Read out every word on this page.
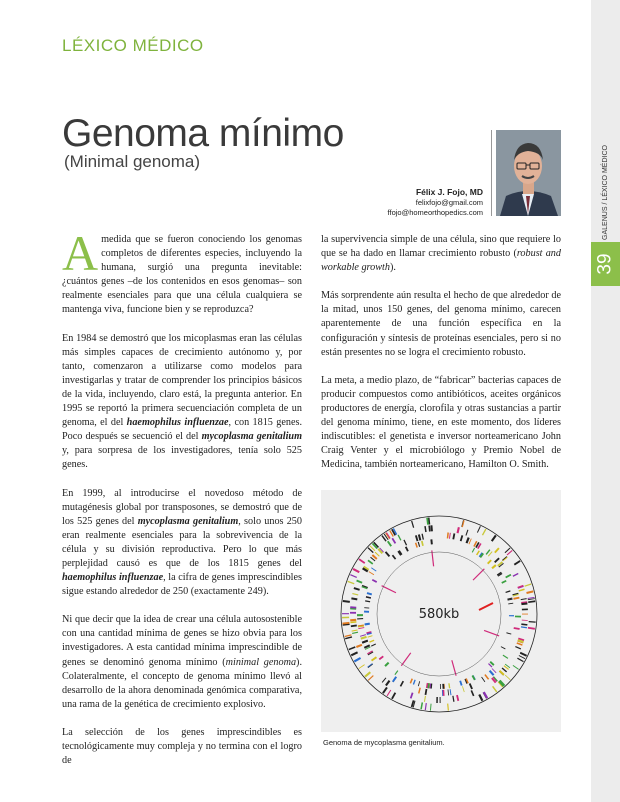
GALENUS / LÉXICO MÉDICO
39
LÉXICO MÉDICO
Genoma mínimo
(Minimal genoma)
Félix J. Fojo, MD
felixfojo@gmail.com
ffojo@homeorthopedics.com

Amedida que se fueron conociendo los genomas completos de diferentes especies, incluyendo la humana, surgió una pregunta inevitable: ¿cuántos genes –de los contenidos en esos genomas– son realmente esenciales para que una célula cualquiera se mantenga viva, funcione bien y se reproduzca?

En 1984 se demostró que los micoplasmas eran las células más simples capaces de crecimiento autónomo y, por tanto, comenzaron a utilizarse como modelos para investigarlas y tratar de comprender los principios básicos de la vida, incluyendo, claro está, la pregunta anterior. En 1995 se reportó la primera secuenciación completa de un genoma, el del haemophilus influenzae, con 1815 genes. Poco después se secuenció el del mycoplasma genitalium y, para sorpresa de los investigadores, tenía solo 525 genes.

En 1999, al introducirse el novedoso método de mutagénesis global por transposones, se demostró que de los 525 genes del mycoplasma genitalium, solo unos 250 eran realmente esenciales para la sobrevivencia de la célula y su división reproductiva. Pero lo que más perplejidad causó es que de los 1815 genes del haemophilus influenzae, la cifra de genes imprescindibles sigue estando alrededor de 250 (exactamente 249).

Ni que decir que la idea de crear una célula autosostenible con una cantidad mínima de genes se hizo obvia para los investigadores. A esta cantidad mínima imprescindible de genes se denominó genoma mínimo (minimal genoma). Colateralmente, el concepto de genoma mínimo llevó al desarrollo de la ahora denominada genómica comparativa, una rama de la genética de crecimiento explosivo.

La selección de los genes imprescindibles es tecnológicamente muy compleja y no termina con el logro de

la supervivencia simple de una célula, sino que requiere lo que se ha dado en llamar crecimiento robusto (robust and workable growth).

Más sorprendente aún resulta el hecho de que alrededor de la mitad, unos 150 genes, del genoma mínimo, carecen aparentemente de una función específica en la configuración y síntesis de proteínas esenciales, pero si no están presentes no se logra el crecimiento robusto.

La meta, a medio plazo, de “fabricar” bacterias capaces de producir compuestos como antibióticos, aceites orgánicos productores de energía, clorofila y otras sustancias a partir del genoma mínimo, tiene, en este momento, dos líderes indiscutibles: el genetista e inversor norteamericano John Craig Venter y el microbiólogo y Premio Nobel de Medicina, también norteamericano, Hamilton O. Smith.

580kb
Genoma de mycoplasma genitalium.
